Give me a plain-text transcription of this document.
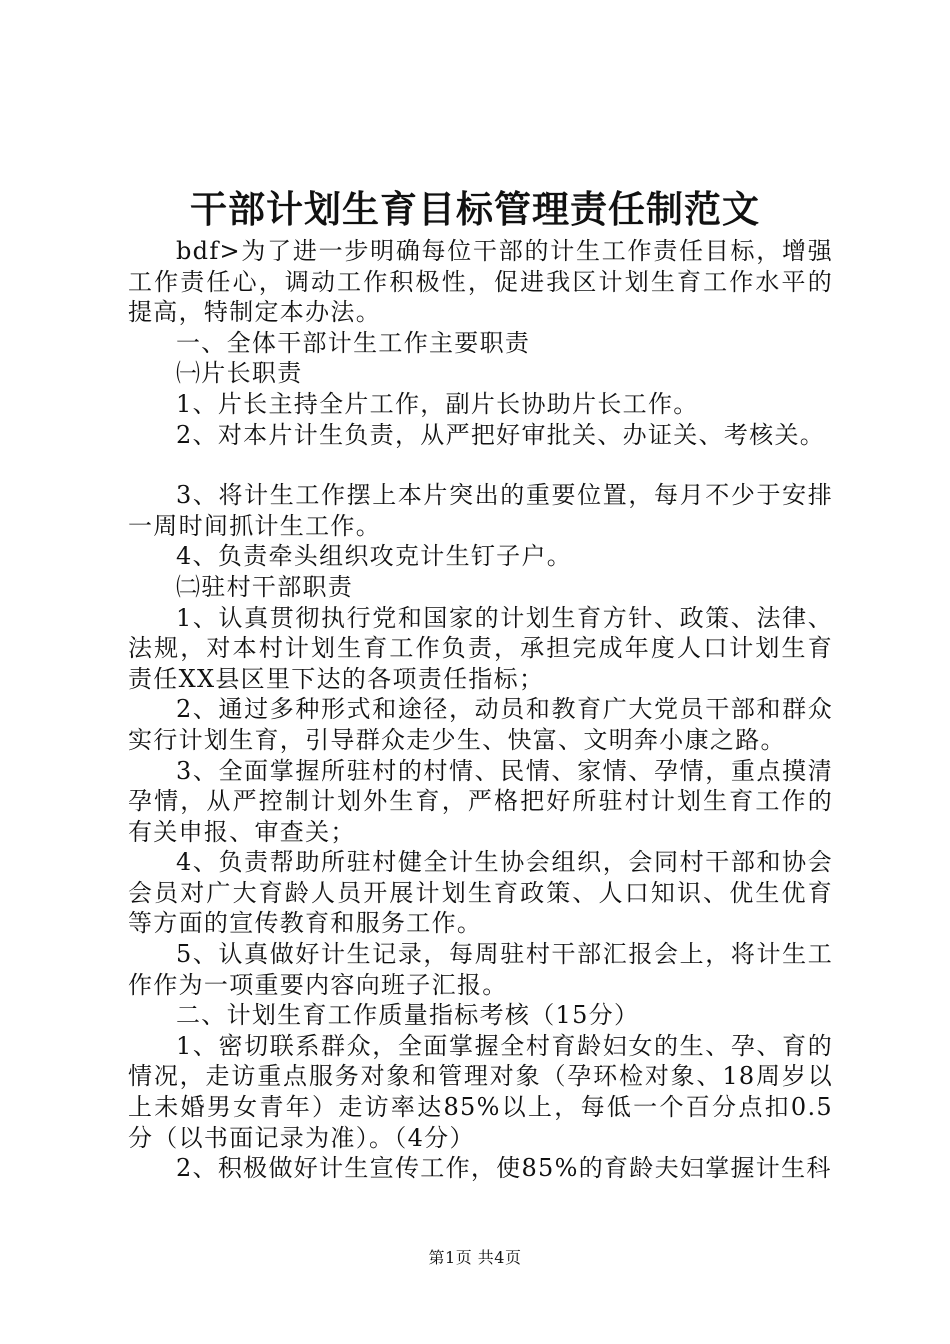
干部计划生育目标管理责任制范文

bdf>为了进一步明确每位干部的计生工作责任目标，增强工作责任心，调动工作积极性，促进我区计划生育工作水平的提高，特制定本办法。

一、全体干部计生工作主要职责

㈠片长职责

1、片长主持全片工作，副片长协助片长工作。

2、对本片计生负责，从严把好审批关、办证关、考核关。

3、将计生工作摆上本片突出的重要位置，每月不少于安排一周时间抓计生工作。

4、负责牵头组织攻克计生钉子户。

㈡驻村干部职责

1、认真贯彻执行党和国家的计划生育方针、政策、法律、法规，对本村计划生育工作负责，承担完成年度人口计划生育责任XX县区里下达的各项责任指标；

2、通过多种形式和途径，动员和教育广大党员干部和群众实行计划生育，引导群众走少生、快富、文明奔小康之路。

3、全面掌握所驻村的村情、民情、家情、孕情，重点摸清孕情，从严控制计划外生育，严格把好所驻村计划生育工作的有关申报、审查关；

4、负责帮助所驻村健全计生协会组织，会同村干部和协会会员对广大育龄人员开展计划生育政策、人口知识、优生优育等方面的宣传教育和服务工作。

5、认真做好计生记录，每周驻村干部汇报会上，将计生工作作为一项重要内容向班子汇报。

二、计划生育工作质量指标考核（15分）

1、密切联系群众，全面掌握全村育龄妇女的生、孕、育的情况，走访重点服务对象和管理对象（孕环检对象、18周岁以上未婚男女青年）走访率达85%以上，每低一个百分点扣0.5分（以书面记录为准）。（4分）

2、积极做好计生宣传工作，使85%的育龄夫妇掌握计生科

第1页 共4页
